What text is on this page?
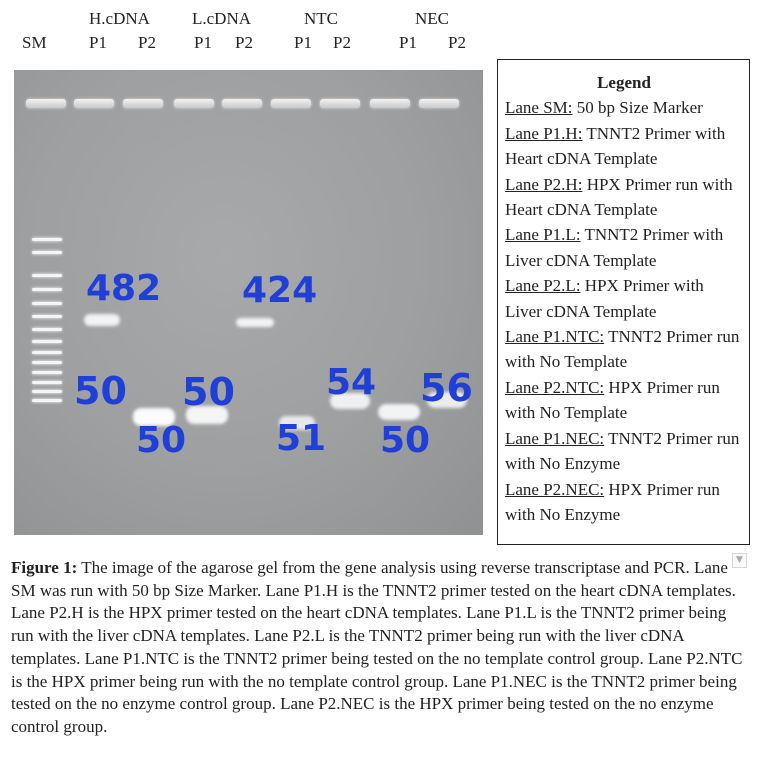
SM
H.cDNA
P1 P2
L.cDNA
P1 P2
NTC
P1 P2
NEC
P1 P2
482 424
50 50
50 51
54
50
56
Legend
Lane SM: 50 bp Size Marker
Lane P1.H: TNNT2 Primer with Heart cDNA Template
Lane P2.H: HPX Primer run with Heart cDNA Template
Lane P1.L: TNNT2 Primer with Liver cDNA Template
Lane P2.L: HPX Primer with Liver cDNA Template
Lane P1.NTC: TNNT2 Primer run with No Template
Lane P2.NTC: HPX Primer run with No Template
Lane P1.NEC: TNNT2 Primer run with No Enzyme
Lane P2.NEC: HPX Primer run with No Enzyme
▼
Figure 1: The image of the agarose gel from the gene analysis using reverse transcriptase and PCR. Lane SM was run with 50 bp Size Marker. Lane P1.H is the TNNT2 primer tested on the heart cDNA templates. Lane P2.H is the HPX primer tested on the heart cDNA templates. Lane P1.L is the TNNT2 primer being run with the liver cDNA templates. Lane P2.L is the TNNT2 primer being run with the liver cDNA templates. Lane P1.NTC is the TNNT2 primer being tested on the no template control group. Lane P2.NTC is the HPX primer being run with the no template control group. Lane P1.NEC is the TNNT2 primer being tested on the no enzyme control group. Lane P2.NEC is the HPX primer being tested on the no enzyme control group.
